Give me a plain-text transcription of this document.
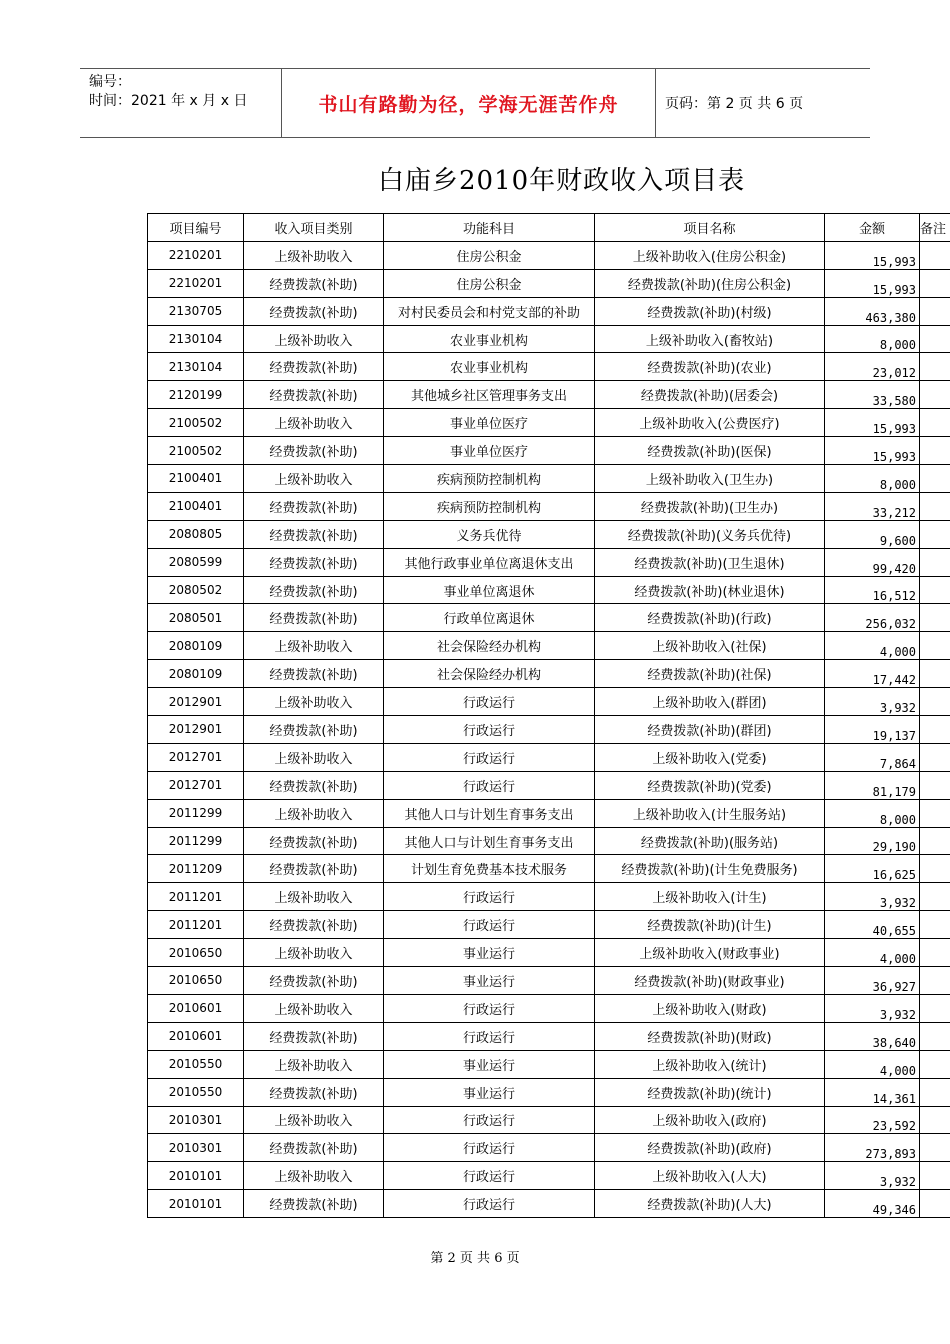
编号：
时间：2021 年 x 月 x 日	书山有路勤为径，学海无涯苦作舟	页码：第 2 页 共 6 页
白庙乡2010年财政收入项目表
项目编号	收入项目类别	功能科目	项目名称	金额	备注
2210201	上级补助收入	住房公积金	上级补助收入(住房公积金)	15,993	
2210201	经费拨款(补助)	住房公积金	经费拨款(补助)(住房公积金)	15,993	
2130705	经费拨款(补助)	对村民委员会和村党支部的补助	经费拨款(补助)(村级)	463,380	
2130104	上级补助收入	农业事业机构	上级补助收入(畜牧站)	8,000	
2130104	经费拨款(补助)	农业事业机构	经费拨款(补助)(农业)	23,012	
2120199	经费拨款(补助)	其他城乡社区管理事务支出	经费拨款(补助)(居委会)	33,580	
2100502	上级补助收入	事业单位医疗	上级补助收入(公费医疗)	15,993	
2100502	经费拨款(补助)	事业单位医疗	经费拨款(补助)(医保)	15,993	
2100401	上级补助收入	疾病预防控制机构	上级补助收入(卫生办)	8,000	
2100401	经费拨款(补助)	疾病预防控制机构	经费拨款(补助)(卫生办)	33,212	
2080805	经费拨款(补助)	义务兵优待	经费拨款(补助)(义务兵优待)	9,600	
2080599	经费拨款(补助)	其他行政事业单位离退休支出	经费拨款(补助)(卫生退休)	99,420	
2080502	经费拨款(补助)	事业单位离退休	经费拨款(补助)(林业退休)	16,512	
2080501	经费拨款(补助)	行政单位离退休	经费拨款(补助)(行政)	256,032	
2080109	上级补助收入	社会保险经办机构	上级补助收入(社保)	4,000	
2080109	经费拨款(补助)	社会保险经办机构	经费拨款(补助)(社保)	17,442	
2012901	上级补助收入	行政运行	上级补助收入(群团)	3,932	
2012901	经费拨款(补助)	行政运行	经费拨款(补助)(群团)	19,137	
2012701	上级补助收入	行政运行	上级补助收入(党委)	7,864	
2012701	经费拨款(补助)	行政运行	经费拨款(补助)(党委)	81,179	
2011299	上级补助收入	其他人口与计划生育事务支出	上级补助收入(计生服务站)	8,000	
2011299	经费拨款(补助)	其他人口与计划生育事务支出	经费拨款(补助)(服务站)	29,190	
2011209	经费拨款(补助)	计划生育免费基本技术服务	经费拨款(补助)(计生免费服务)	16,625	
2011201	上级补助收入	行政运行	上级补助收入(计生)	3,932	
2011201	经费拨款(补助)	行政运行	经费拨款(补助)(计生)	40,655	
2010650	上级补助收入	事业运行	上级补助收入(财政事业)	4,000	
2010650	经费拨款(补助)	事业运行	经费拨款(补助)(财政事业)	36,927	
2010601	上级补助收入	行政运行	上级补助收入(财政)	3,932	
2010601	经费拨款(补助)	行政运行	经费拨款(补助)(财政)	38,640	
2010550	上级补助收入	事业运行	上级补助收入(统计)	4,000	
2010550	经费拨款(补助)	事业运行	经费拨款(补助)(统计)	14,361	
2010301	上级补助收入	行政运行	上级补助收入(政府)	23,592	
2010301	经费拨款(补助)	行政运行	经费拨款(补助)(政府)	273,893	
2010101	上级补助收入	行政运行	上级补助收入(人大)	3,932	
2010101	经费拨款(补助)	行政运行	经费拨款(补助)(人大)	49,346	
第 2 页 共 6 页
